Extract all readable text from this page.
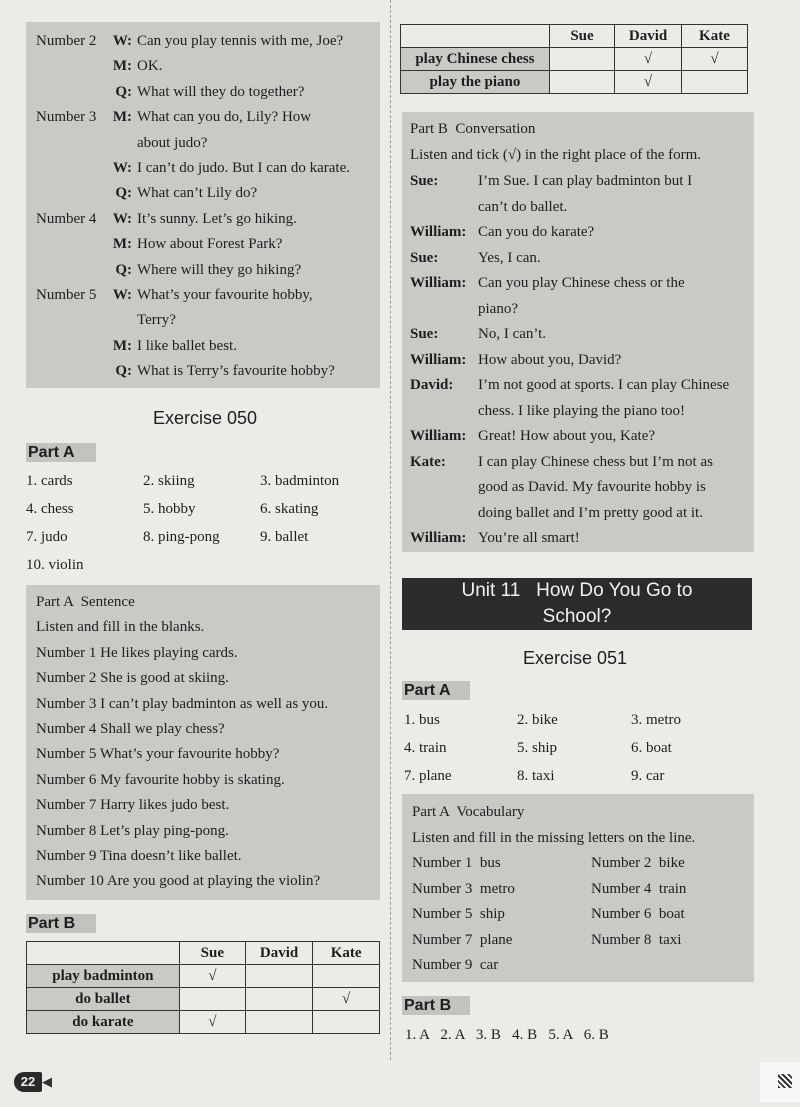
Number 2 W: Can you play tennis with me, Joe?
M: OK.
Q: What will they do together?
Number 3 M: What can you do, Lily? How
about judo?
W: I can’t do judo. But I can do karate.
Q: What can’t Lily do?
Number 4 W: It’s sunny. Let’s go hiking.
M: How about Forest Park?
Q: Where will they go hiking?
Number 5 W: What’s your favourite hobby,
Terry?
M: I like ballet best.
Q: What is Terry’s favourite hobby?
Exercise 050
Part A
Part A  Sentence
Listen and fill in the blanks.
Number 1 He likes playing cards.
Number 2 She is good at skiing.
Number 3 I can’t play badminton as well as you.
Number 4 Shall we play chess?
Number 5 What’s your favourite hobby?
Number 6 My favourite hobby is skating.
Number 7 Harry likes judo best.
Number 8 Let’s play ping-pong.
Number 9 Tina doesn’t like ballet.
Number 10 Are you good at playing the violin?
Part B
	Sue	David	Kate
play badminton	√		
do ballet			√
do karate	√		
22 ◀
	Sue	David	Kate
play Chinese chess		√	√
play the piano		√	
Part B  Conversation
Listen and tick (√) in the right place of the form.
Sue:	I’m Sue. I can play badminton but I
can’t do ballet.
William: Can you do karate?
Sue:	Yes, I can.
William: Can you play Chinese chess or the
piano?
Sue:	No, I can’t.
William: How about you, David?
David: I’m not good at sports. I can play Chinese
chess. I like playing the piano too!
William: Great! How about you, Kate?
Kate: I can play Chinese chess but I’m not as
good as David. My favourite hobby is
doing ballet and I’m pretty good at it.
William: You’re all smart!
Unit 11   How Do You Go to
School?
Exercise 051
Part A
Part A  Vocabulary
Listen and fill in the missing letters on the line.
Number 1  bus	Number 2  bike
Number 3  metro	Number 4  train
Number 5  ship	Number 6  boat
Number 7  plane	Number 8  taxi
Number 9  car
Part B
1. A   2. A   3. B   4. B   5. A   6. B
1. cards	2. skiing	3. badminton
4. chess	5. hobby	6. skating
7. judo	8. ping-pong	9. ballet
10. violin
1. bus	2. bike	3. metro
4. train	5. ship	6. boat
7. plane	8. taxi	9. car
